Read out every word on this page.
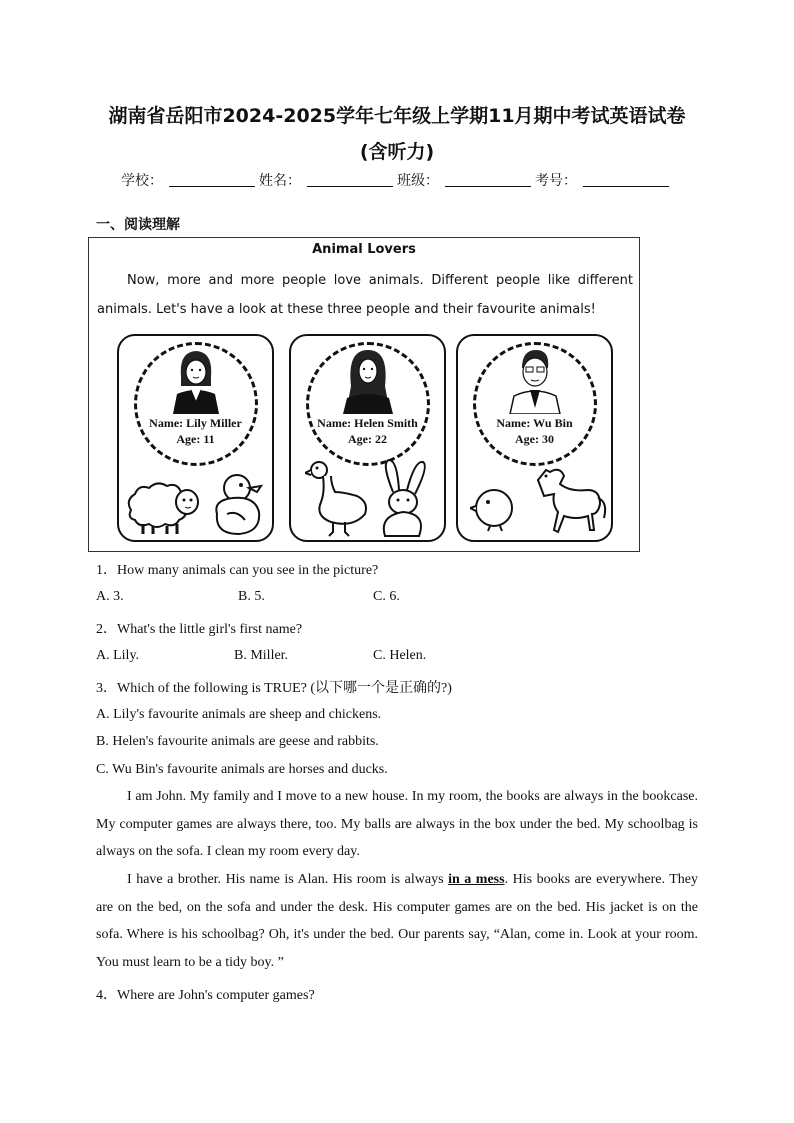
湖南省岳阳市2024-2025学年七年级上学期11月期中考试英语试卷
(含听力)
学校：	姓名：	班级：	考号：
一、阅读理解
Animal Lovers
Now, more and more people love animals. Different people like different animals. Let's have a look at these three people and their favourite animals!
Name: Lily Miller
Age: 11
Name: Helen Smith
Age: 22
Name: Wu Bin
Age: 30
1．How many animals can you see in the picture?
A. 3.	B. 5.	C. 6.
2．What's the little girl's first name?
A. Lily.	B. Miller.	C. Helen.
3．Which of the following is TRUE? (以下哪一个是正确的?)
A. Lily's favourite animals are sheep and chickens.
B. Helen's favourite animals are geese and rabbits.
C. Wu Bin's favourite animals are horses and ducks.
I am John. My family and I move to a new house. In my room, the books are always in the bookcase. My computer games are always there, too. My balls are always in the box under the bed. My schoolbag is always on the sofa. I clean my room every day.
I have a brother. His name is Alan. His room is always in a mess. His books are everywhere. They are on the bed, on the sofa and under the desk. His computer games are on the bed. His jacket is on the sofa. Where is his schoolbag? Oh, it's under the bed. Our parents say, “Alan, come in. Look at your room. You must learn to be a tidy boy. ”
4．Where are John's computer games?
